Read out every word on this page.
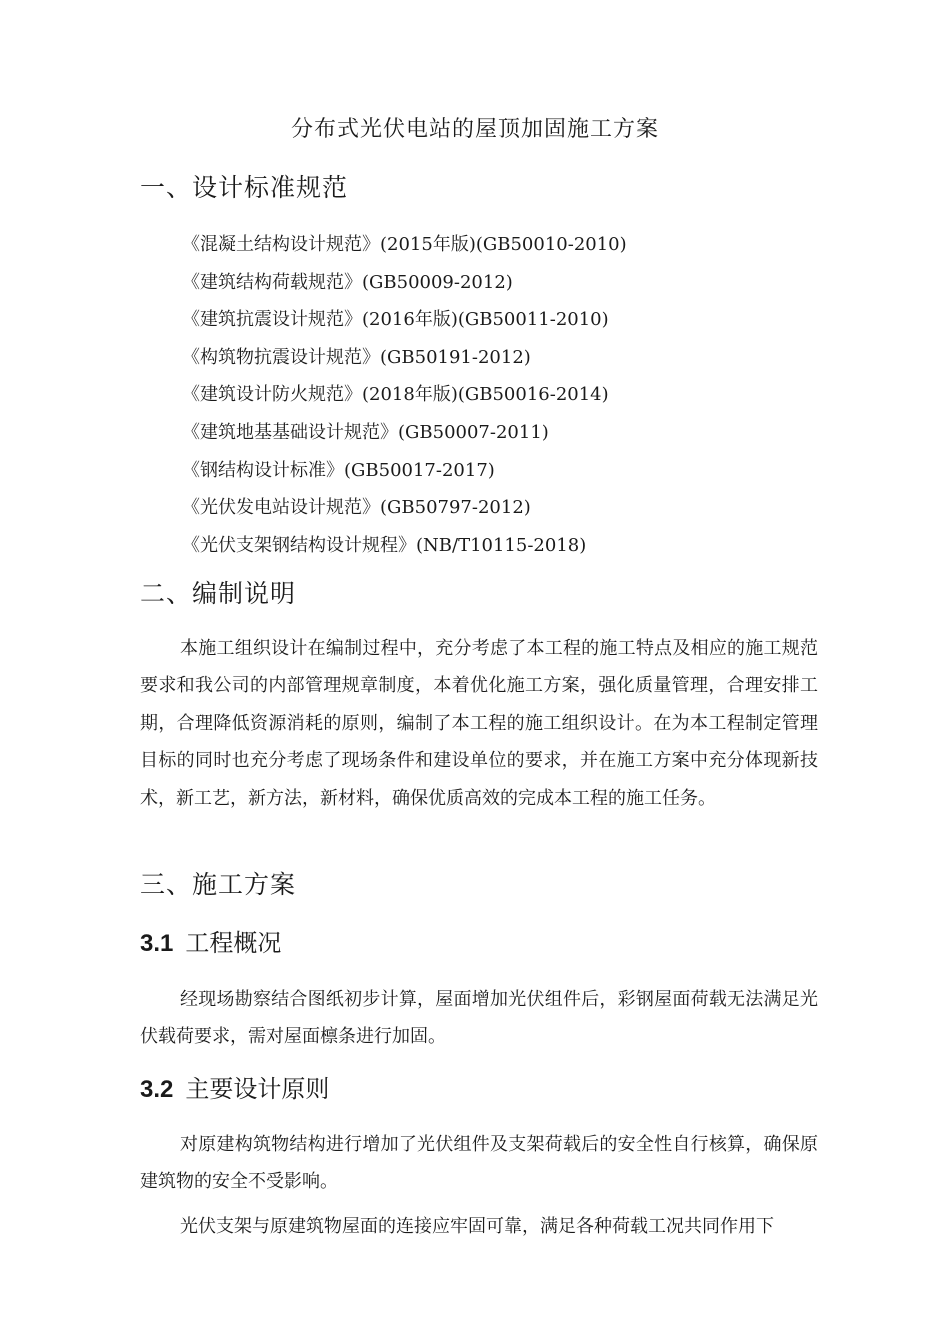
分布式光伏电站的屋顶加固施工方案
一、设计标准规范
《混凝土结构设计规范》(2015年版)(GB50010-2010)
《建筑结构荷载规范》(GB50009-2012)
《建筑抗震设计规范》(2016年版)(GB50011-2010)
《构筑物抗震设计规范》(GB50191-2012)
《建筑设计防火规范》(2018年版)(GB50016-2014)
《建筑地基基础设计规范》(GB50007-2011)
《钢结构设计标准》(GB50017-2017)
《光伏发电站设计规范》(GB50797-2012)
《光伏支架钢结构设计规程》(NB/T10115-2018)
二、编制说明

本施工组织设计在编制过程中，充分考虑了本工程的施工特点及相应的施工规范要求和我公司的内部管理规章制度，本着优化施工方案，强化质量管理，合理安排工期，合理降低资源消耗的原则，编制了本工程的施工组织设计。在为本工程制定管理目标的同时也充分考虑了现场条件和建设单位的要求，并在施工方案中充分体现新技术，新工艺，新方法，新材料，确保优质高效的完成本工程的施工任务。

三、施工方案
3.1 工程概况

经现场勘察结合图纸初步计算，屋面增加光伏组件后，彩钢屋面荷载无法满足光伏载荷要求，需对屋面檩条进行加固。

3.2 主要设计原则

对原建构筑物结构进行增加了光伏组件及支架荷载后的安全性自行核算，确保原建筑物的安全不受影响。

光伏支架与原建筑物屋面的连接应牢固可靠，满足各种荷载工况共同作用下
